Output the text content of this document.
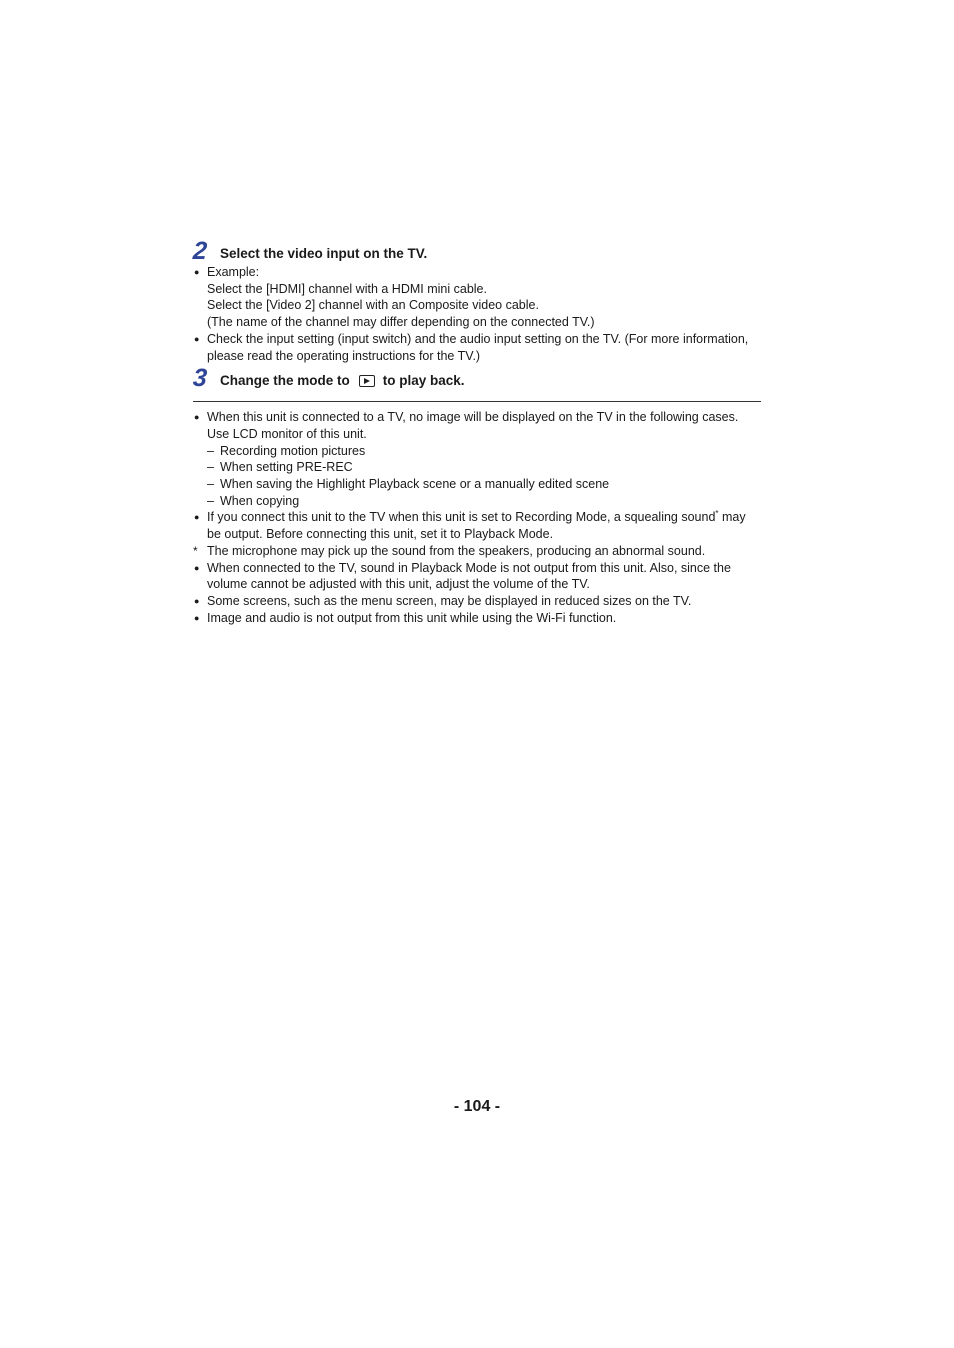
2 Select the video input on the TV.
● Example:
Select the [HDMI] channel with a HDMI mini cable.
Select the [Video 2] channel with an Composite video cable.
(The name of the channel may differ depending on the connected TV.)
● Check the input setting (input switch) and the audio input setting on the TV. (For more information, please read the operating instructions for the TV.)
3 Change the mode to to play back.
● When this unit is connected to a TV, no image will be displayed on the TV in the following cases. Use LCD monitor of this unit.
– Recording motion pictures
– When setting PRE-REC
– When saving the Highlight Playback scene or a manually edited scene
– When copying
● If you connect this unit to the TV when this unit is set to Recording Mode, a squealing sound* may be output. Before connecting this unit, set it to Playback Mode.
* The microphone may pick up the sound from the speakers, producing an abnormal sound.
● When connected to the TV, sound in Playback Mode is not output from this unit. Also, since the volume cannot be adjusted with this unit, adjust the volume of the TV.
● Some screens, such as the menu screen, may be displayed in reduced sizes on the TV.
● Image and audio is not output from this unit while using the Wi-Fi function.
- 104 -
